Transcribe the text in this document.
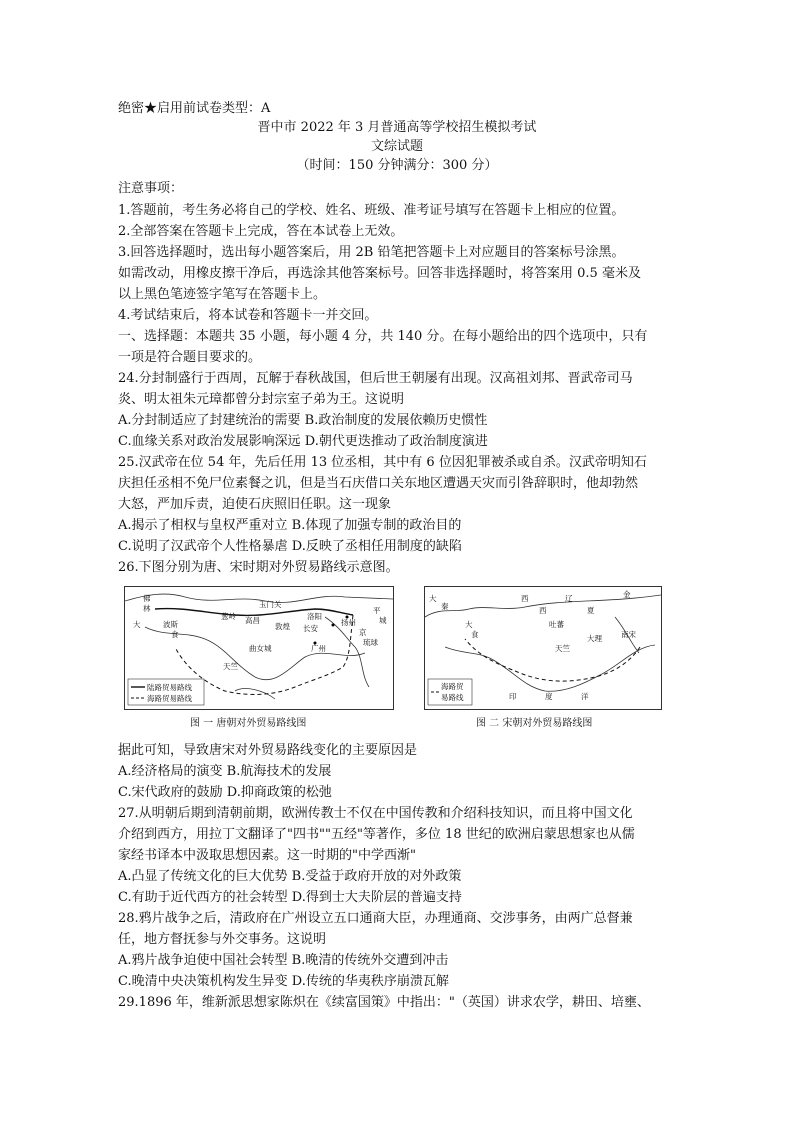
绝密★启用前试卷类型：A
晋中市 2022 年 3 月普通高等学校招生模拟考试
文综试题
（时间：150 分钟满分：300 分）
注意事项：
1.答题前，考生务必将自己的学校、姓名、班级、准考证号填写在答题卡上相应的位置。
2.全部答案在答题卡上完成，答在本试卷上无效。
3.回答选择题时，选出每小题答案后，用 2B 铅笔把答题卡上对应题目的答案标号涂黑。
如需改动，用橡皮擦干净后，再选涂其他答案标号。回答非选择题时，将答案用 0.5 毫米及
以上黑色笔迹签字笔写在答题卡上。
4.考试结束后，将本试卷和答题卡一并交回。
一、选择题：本题共 35 小题，每小题 4 分，共 140 分。在每小题给出的四个选项中，只有
一项是符合题目要求的。
24.分封制盛行于西周，瓦解于春秋战国，但后世王朝屡有出现。汉高祖刘邦、晋武帝司马
炎、明太祖朱元璋都曾分封宗室子弟为王。这说明
A.分封制适应了封建统治的需要 B.政治制度的发展依赖历史惯性
C.血缘关系对政治发展影响深远 D.朝代更迭推动了政治制度演进
25.汉武帝在位 54 年，先后任用 13 位丞相，其中有 6 位因犯罪被杀或自杀。汉武帝明知石
庆担任丞相不免尸位素餐之讥，但是当石庆借口关东地区遭遇天灾而引咎辞职时，他却勃然
大怒，严加斥责，迫使石庆照旧任职。这一现象
A.揭示了相权与皇权严重对立 B.体现了加强专制的政治目的
C.说明了汉武帝个人性格暴虐 D.反映了丞相任用制度的缺陷
26.下图分别为唐、宋时期对外贸易路线示意图。
佛
林
大	波斯
食
葱岭 高昌
玉门关
敦煌
洛阳
平
城
长安
扬州
广州
曲女城
天竺
琉球
京
陆路贸易路线
海路贸易路线
图 一 唐朝对外贸易路线图
大
秦
西	辽	金
西	夏
大
食
吐蕃
大理	南宋
天竺
印	度	洋
海路贸
易路线
图 二 宋朝对外贸易路线图
据此可知，导致唐宋对外贸易路线变化的主要原因是
A.经济格局的演变 B.航海技术的发展
C.宋代政府的鼓励 D.抑商政策的松弛
27.从明朝后期到清朝前期，欧洲传教士不仅在中国传教和介绍科技知识，而且将中国文化
介绍到西方，用拉丁文翻译了"四书""五经"等著作，多位 18 世纪的欧洲启蒙思想家也从儒
家经书译本中汲取思想因素。这一时期的"中学西渐"
A.凸显了传统文化的巨大优势 B.受益于政府开放的对外政策
C.有助于近代西方的社会转型 D.得到士大夫阶层的普遍支持
28.鸦片战争之后，清政府在广州设立五口通商大臣，办理通商、交涉事务，由两广总督兼
任，地方督抚参与外交事务。这说明
A.鸦片战争迫使中国社会转型 B.晚清的传统外交遭到冲击
C.晚清中央决策机构发生异变 D.传统的华夷秩序崩溃瓦解
29.1896 年，维新派思想家陈炽在《续富国策》中指出："（英国）讲求农学，耕田、培壅、
